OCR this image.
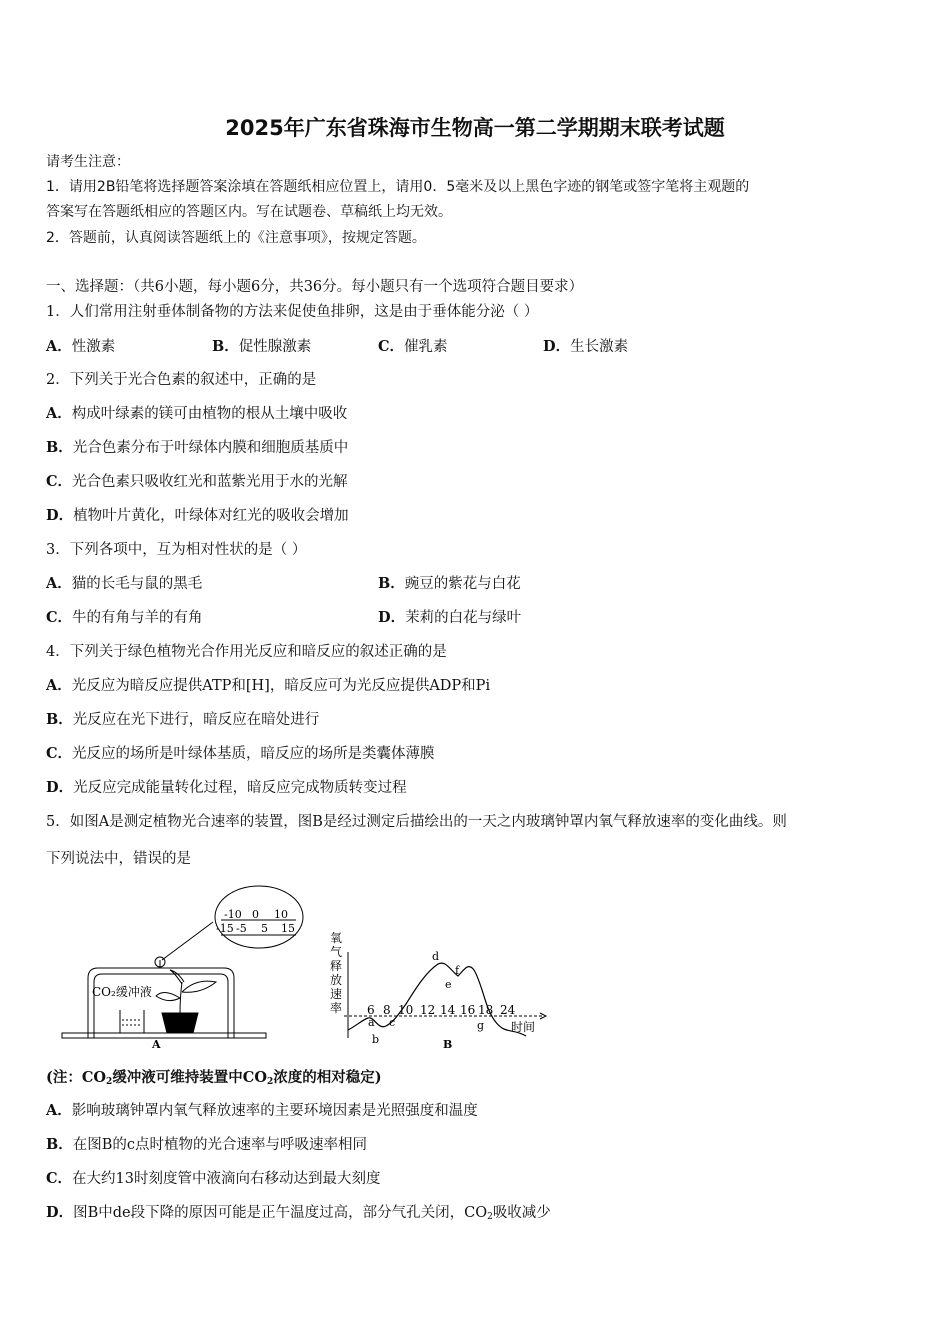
2025年广东省珠海市生物高一第二学期期末联考试题
请考生注意：
1．请用2B铅笔将选择题答案涂填在答题纸相应位置上，请用0．5毫米及以上黑色字迹的钢笔或签字笔将主观题的
答案写在答题纸相应的答题区内。写在试题卷、草稿纸上均无效。
2．答题前，认真阅读答题纸上的《注意事项》，按规定答题。
一、选择题：（共6小题，每小题6分，共36分。每小题只有一个选项符合题目要求）
1．人们常用注射垂体制备物的方法来促使鱼排卵，这是由于垂体能分泌（ ）
A．性激素	B．促性腺激素	C．催乳素	D．生长激素
2．下列关于光合色素的叙述中，正确的是
A．构成叶绿素的镁可由植物的根从土壤中吸收
B．光合色素分布于叶绿体内膜和细胞质基质中
C．光合色素只吸收红光和蓝紫光用于水的光解
D．植物叶片黄化，叶绿体对红光的吸收会增加
3．下列各项中，互为相对性状的是（ ）
A．猫的长毛与鼠的黑毛	B．豌豆的紫花与白花
C．牛的有角与羊的有角	D．茉莉的白花与绿叶
4．下列关于绿色植物光合作用光反应和暗反应的叙述正确的是
A．光反应为暗反应提供ATP和[H]，暗反应可为光反应提供ADP和Pi
B．光反应在光下进行，暗反应在暗处进行
C．光反应的场所是叶绿体基质，暗反应的场所是类囊体薄膜
D．光反应完成能量转化过程，暗反应完成物质转变过程
5．如图A是测定植物光合速率的装置，图B是经过测定后描绘出的一天之内玻璃钟罩内氧气释放速率的变化曲线。则
下列说法中，错误的是
-10 0 10
-15 -5 5 15
CO₂缓冲液
A
氧
气
释
放
速
率 6 8 10 12 14 16 18 24
时间
a
b
c
d
e
f
g
B
(注：$CO_2$缓冲液可维持装置中$CO_2$浓度的相对稳定)
A．影响玻璃钟罩内氧气释放速率的主要环境因素是光照强度和温度
B．在图B的c点时植物的光合速率与呼吸速率相同
C．在大约13时刻度管中液滴向右移动达到最大刻度
D．图B中de段下降的原因可能是正午温度过高，部分气孔关闭，$CO_2$吸收减少
